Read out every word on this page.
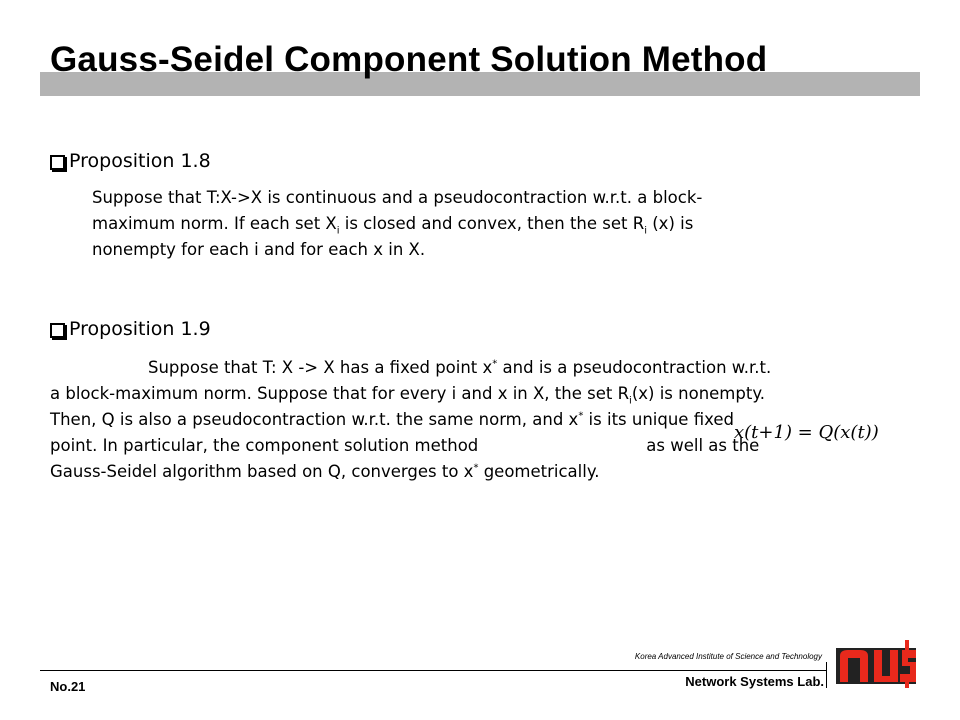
Gauss-Seidel Component Solution Method
Proposition 1.8
Suppose that T:X->X is continuous and a pseudocontraction w.r.t. a block-
maximum norm. If each set $X_i$ is closed and convex, then the set $R_i$ (x) is
nonempty for each i and for each x in X.
Proposition 1.9
Suppose that T: X -> X has a fixed point x* and is a pseudocontraction w.r.t.
a block-maximum norm. Suppose that for every i and x in X, the set $R_i(x)$ is nonempty.
Then, Q is also a pseudocontraction w.r.t. the same norm, and x* is its unique fixed
point. In particular, the component solution method	as well as the
Gauss-Seidel algorithm based on Q, converges to x* geometrically.
x(t+1) = Q(x(t))
No.21
Korea Advanced Institute of Science and Technology
Network Systems Lab.
